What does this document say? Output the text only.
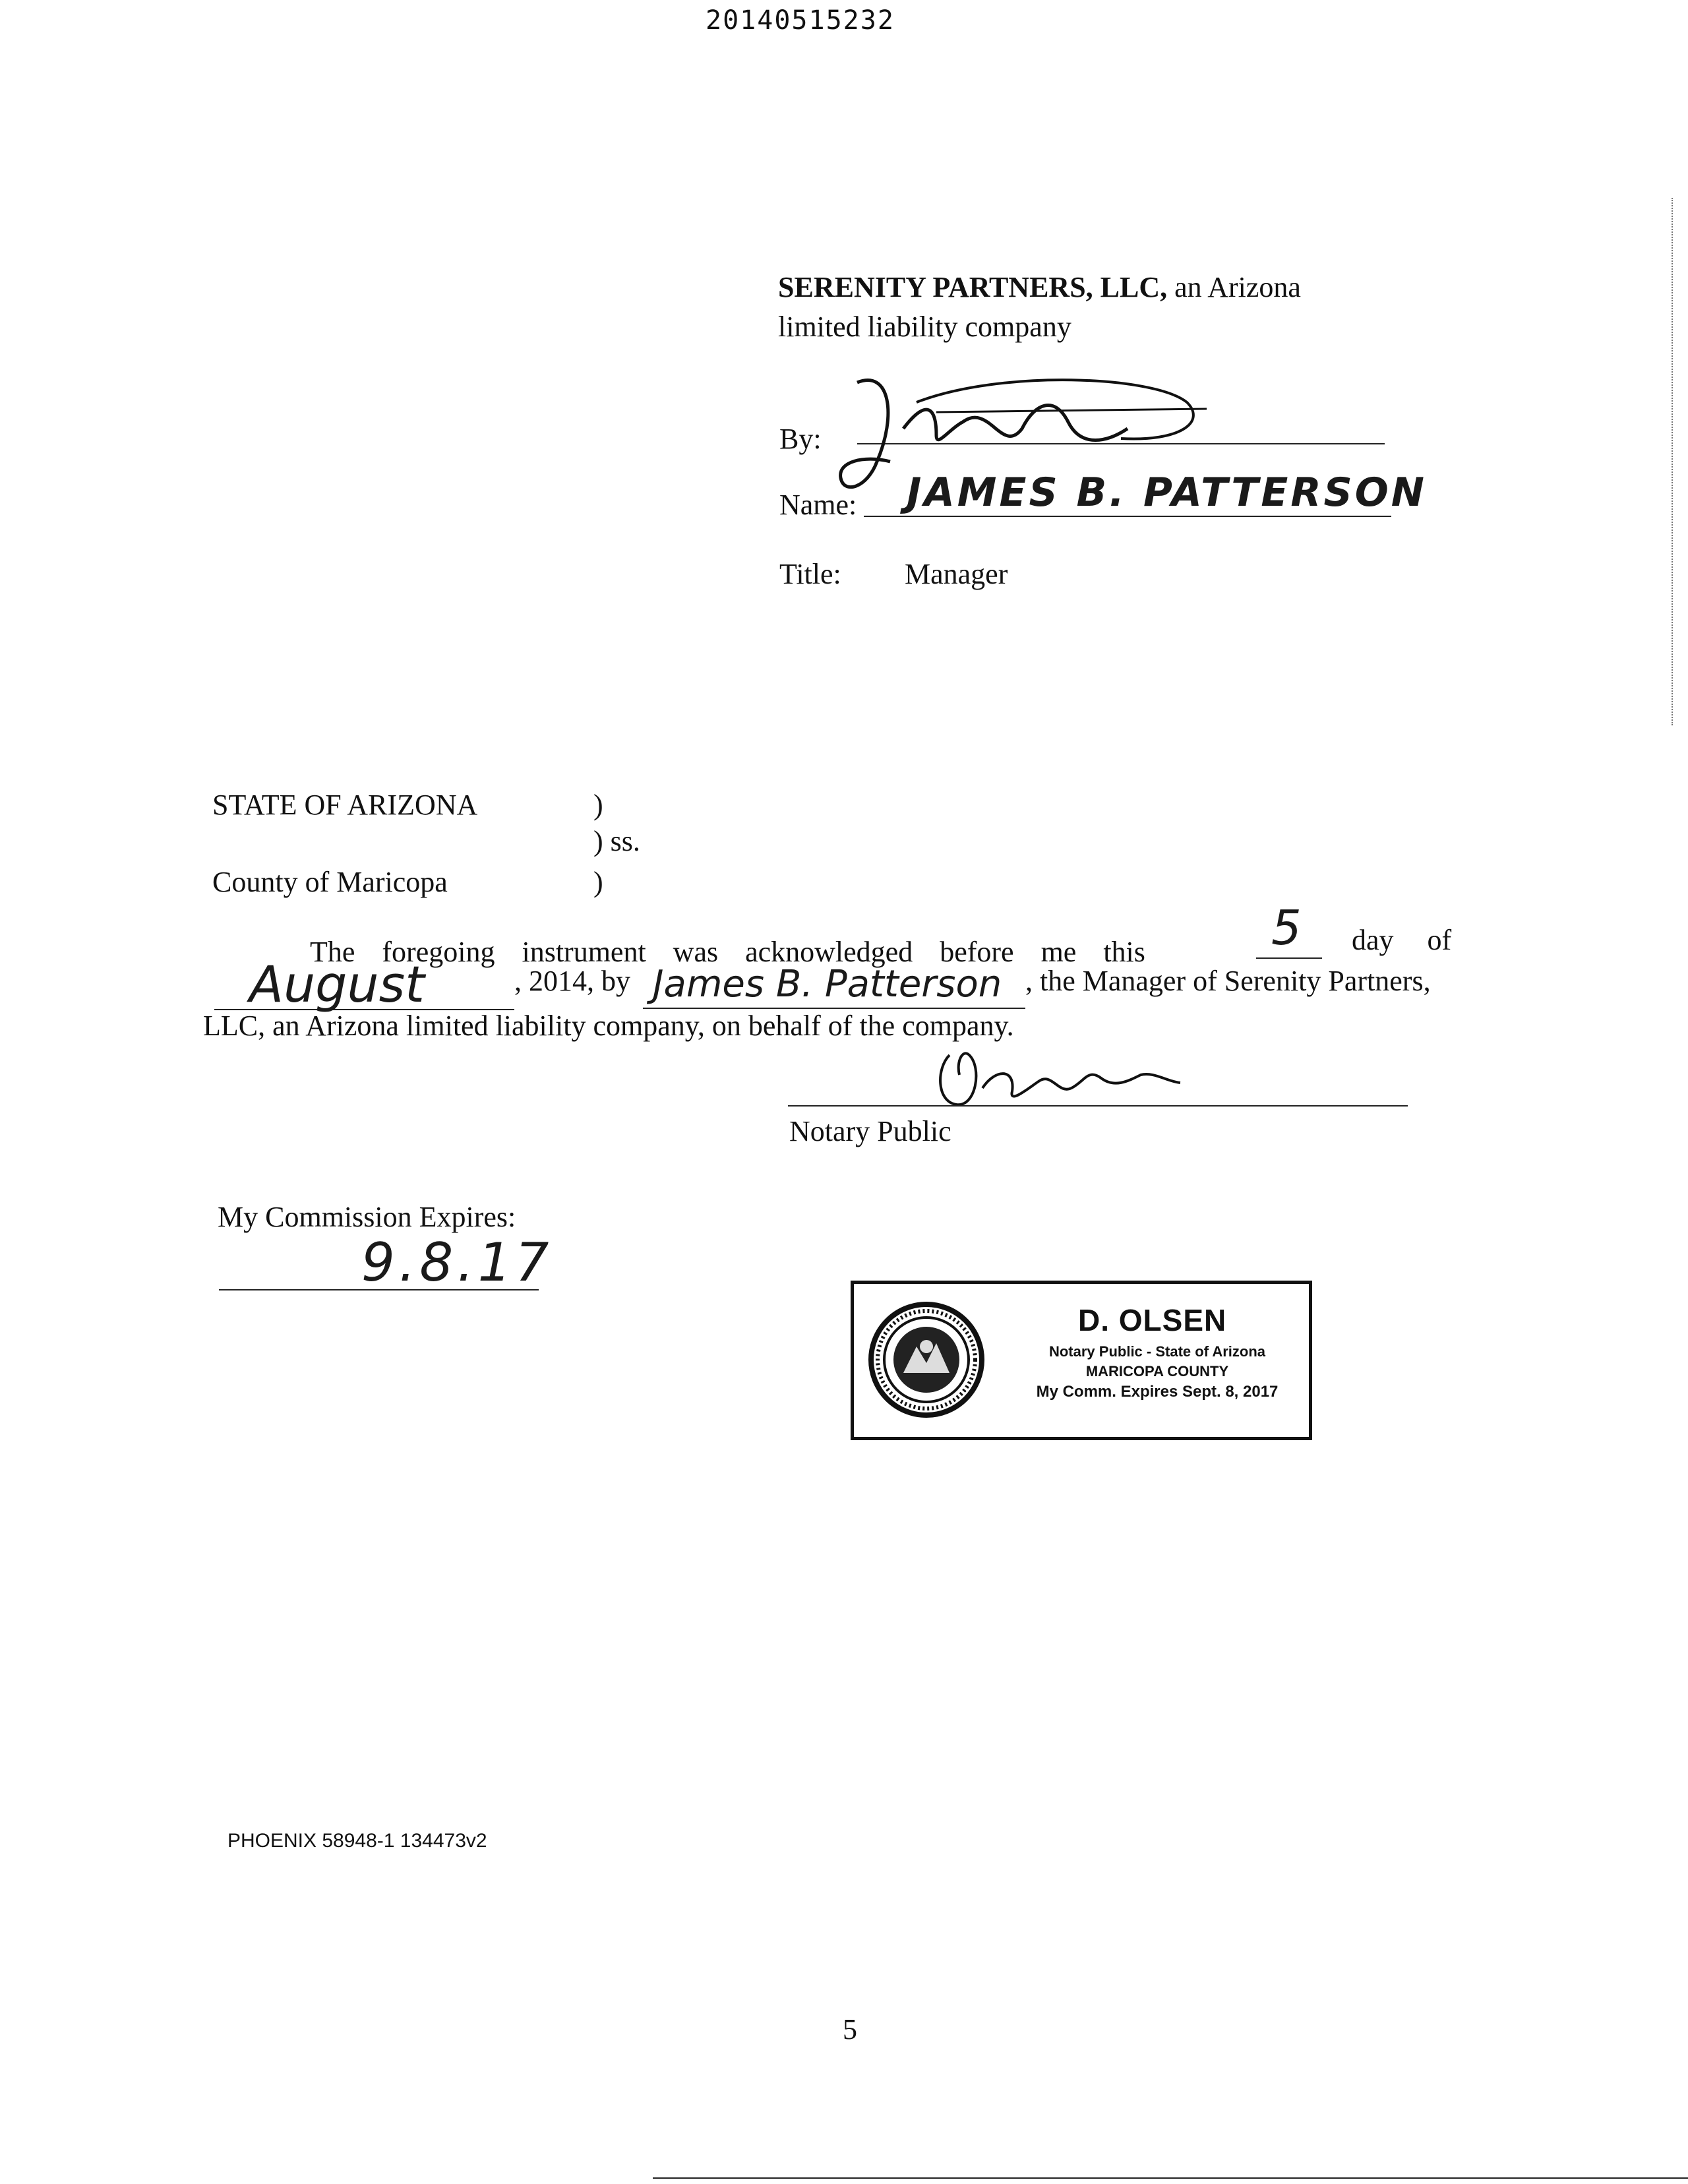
20140515232
SERENITY PARTNERS, LLC, an Arizona
limited liability company
By:
Name: JAMES B. PATTERSON
Title: Manager
STATE OF ARIZONA	)
) ss.
County of Maricopa	)
The foregoing instrument was acknowledged before me this	5 day of
August	, 2014, by James B. Patterson , the Manager of Serenity Partners,
LLC, an Arizona limited liability company, on behalf of the company.
Notary Public
My Commission Expires:
9.8.17
D. OLSEN
Notary Public - State of Arizona
MARICOPA COUNTY
My Comm. Expires Sept. 8, 2017
PHOENIX 58948-1 134473v2
5
